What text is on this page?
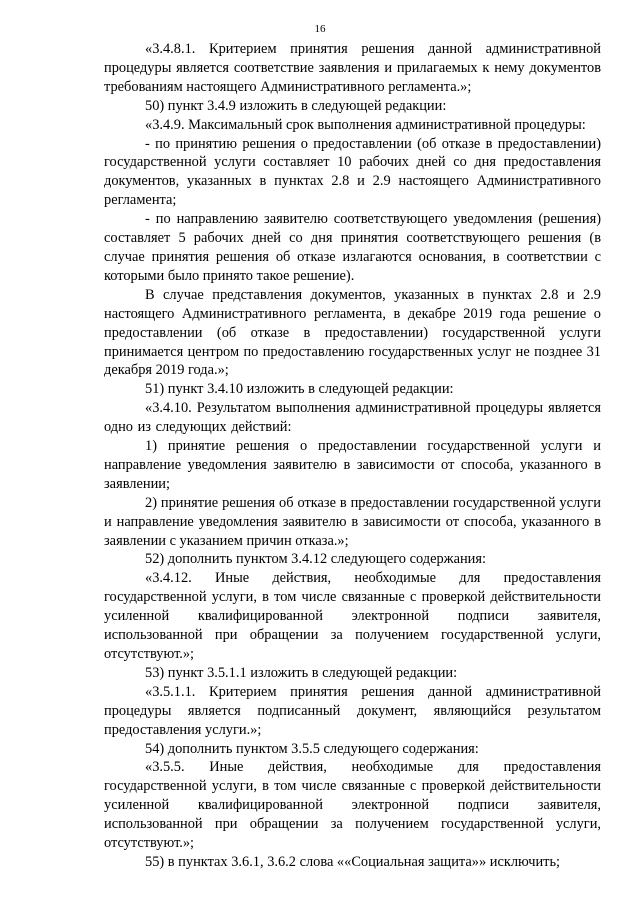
16

«3.4.8.1. Критерием принятия решения данной административной процедуры является соответствие заявления и прилагаемых к нему документов требованиям настоящего Административного регламента.»;

50) пункт 3.4.9 изложить в следующей редакции:

«3.4.9. Максимальный срок выполнения административной процедуры:

- по принятию решения о предоставлении (об отказе в предоставлении) государственной услуги составляет 10 рабочих дней со дня предоставления документов, указанных в пунктах 2.8 и 2.9 настоящего Административного регламента;

- по направлению заявителю соответствующего уведомления (решения) составляет 5 рабочих дней со дня принятия соответствующего решения (в случае принятия решения об отказе излагаются основания, в соответствии с которыми было принято такое решение).

В случае представления документов, указанных в пунктах 2.8 и 2.9 настоящего Административного регламента, в декабре 2019 года решение о предоставлении (об отказе в предоставлении) государственной услуги принимается центром по предоставлению государственных услуг не позднее 31 декабря 2019 года.»;

51) пункт 3.4.10 изложить в следующей редакции:

«3.4.10. Результатом выполнения административной процедуры является одно из следующих действий:

1) принятие решения о предоставлении государственной услуги и направление уведомления заявителю в зависимости от способа, указанного в заявлении;

2) принятие решения об отказе в предоставлении государственной услуги и направление уведомления заявителю в зависимости от способа, указанного в заявлении с указанием причин отказа.»;

52) дополнить пунктом 3.4.12 следующего содержания:

«3.4.12. Иные действия, необходимые для предоставления государственной услуги, в том числе связанные с проверкой действительности усиленной квалифицированной электронной подписи заявителя, использованной при обращении за получением государственной услуги, отсутствуют.»;

53) пункт 3.5.1.1 изложить в следующей редакции:

«3.5.1.1. Критерием принятия решения данной административной процедуры является подписанный документ, являющийся результатом предоставления услуги.»;

54) дополнить пунктом 3.5.5 следующего содержания:

«3.5.5. Иные действия, необходимые для предоставления государственной услуги, в том числе связанные с проверкой действительности усиленной квалифицированной электронной подписи заявителя, использованной при обращении за получением государственной услуги, отсутствуют.»;

55) в пунктах 3.6.1, 3.6.2 слова ««Социальная защита»» исключить;
